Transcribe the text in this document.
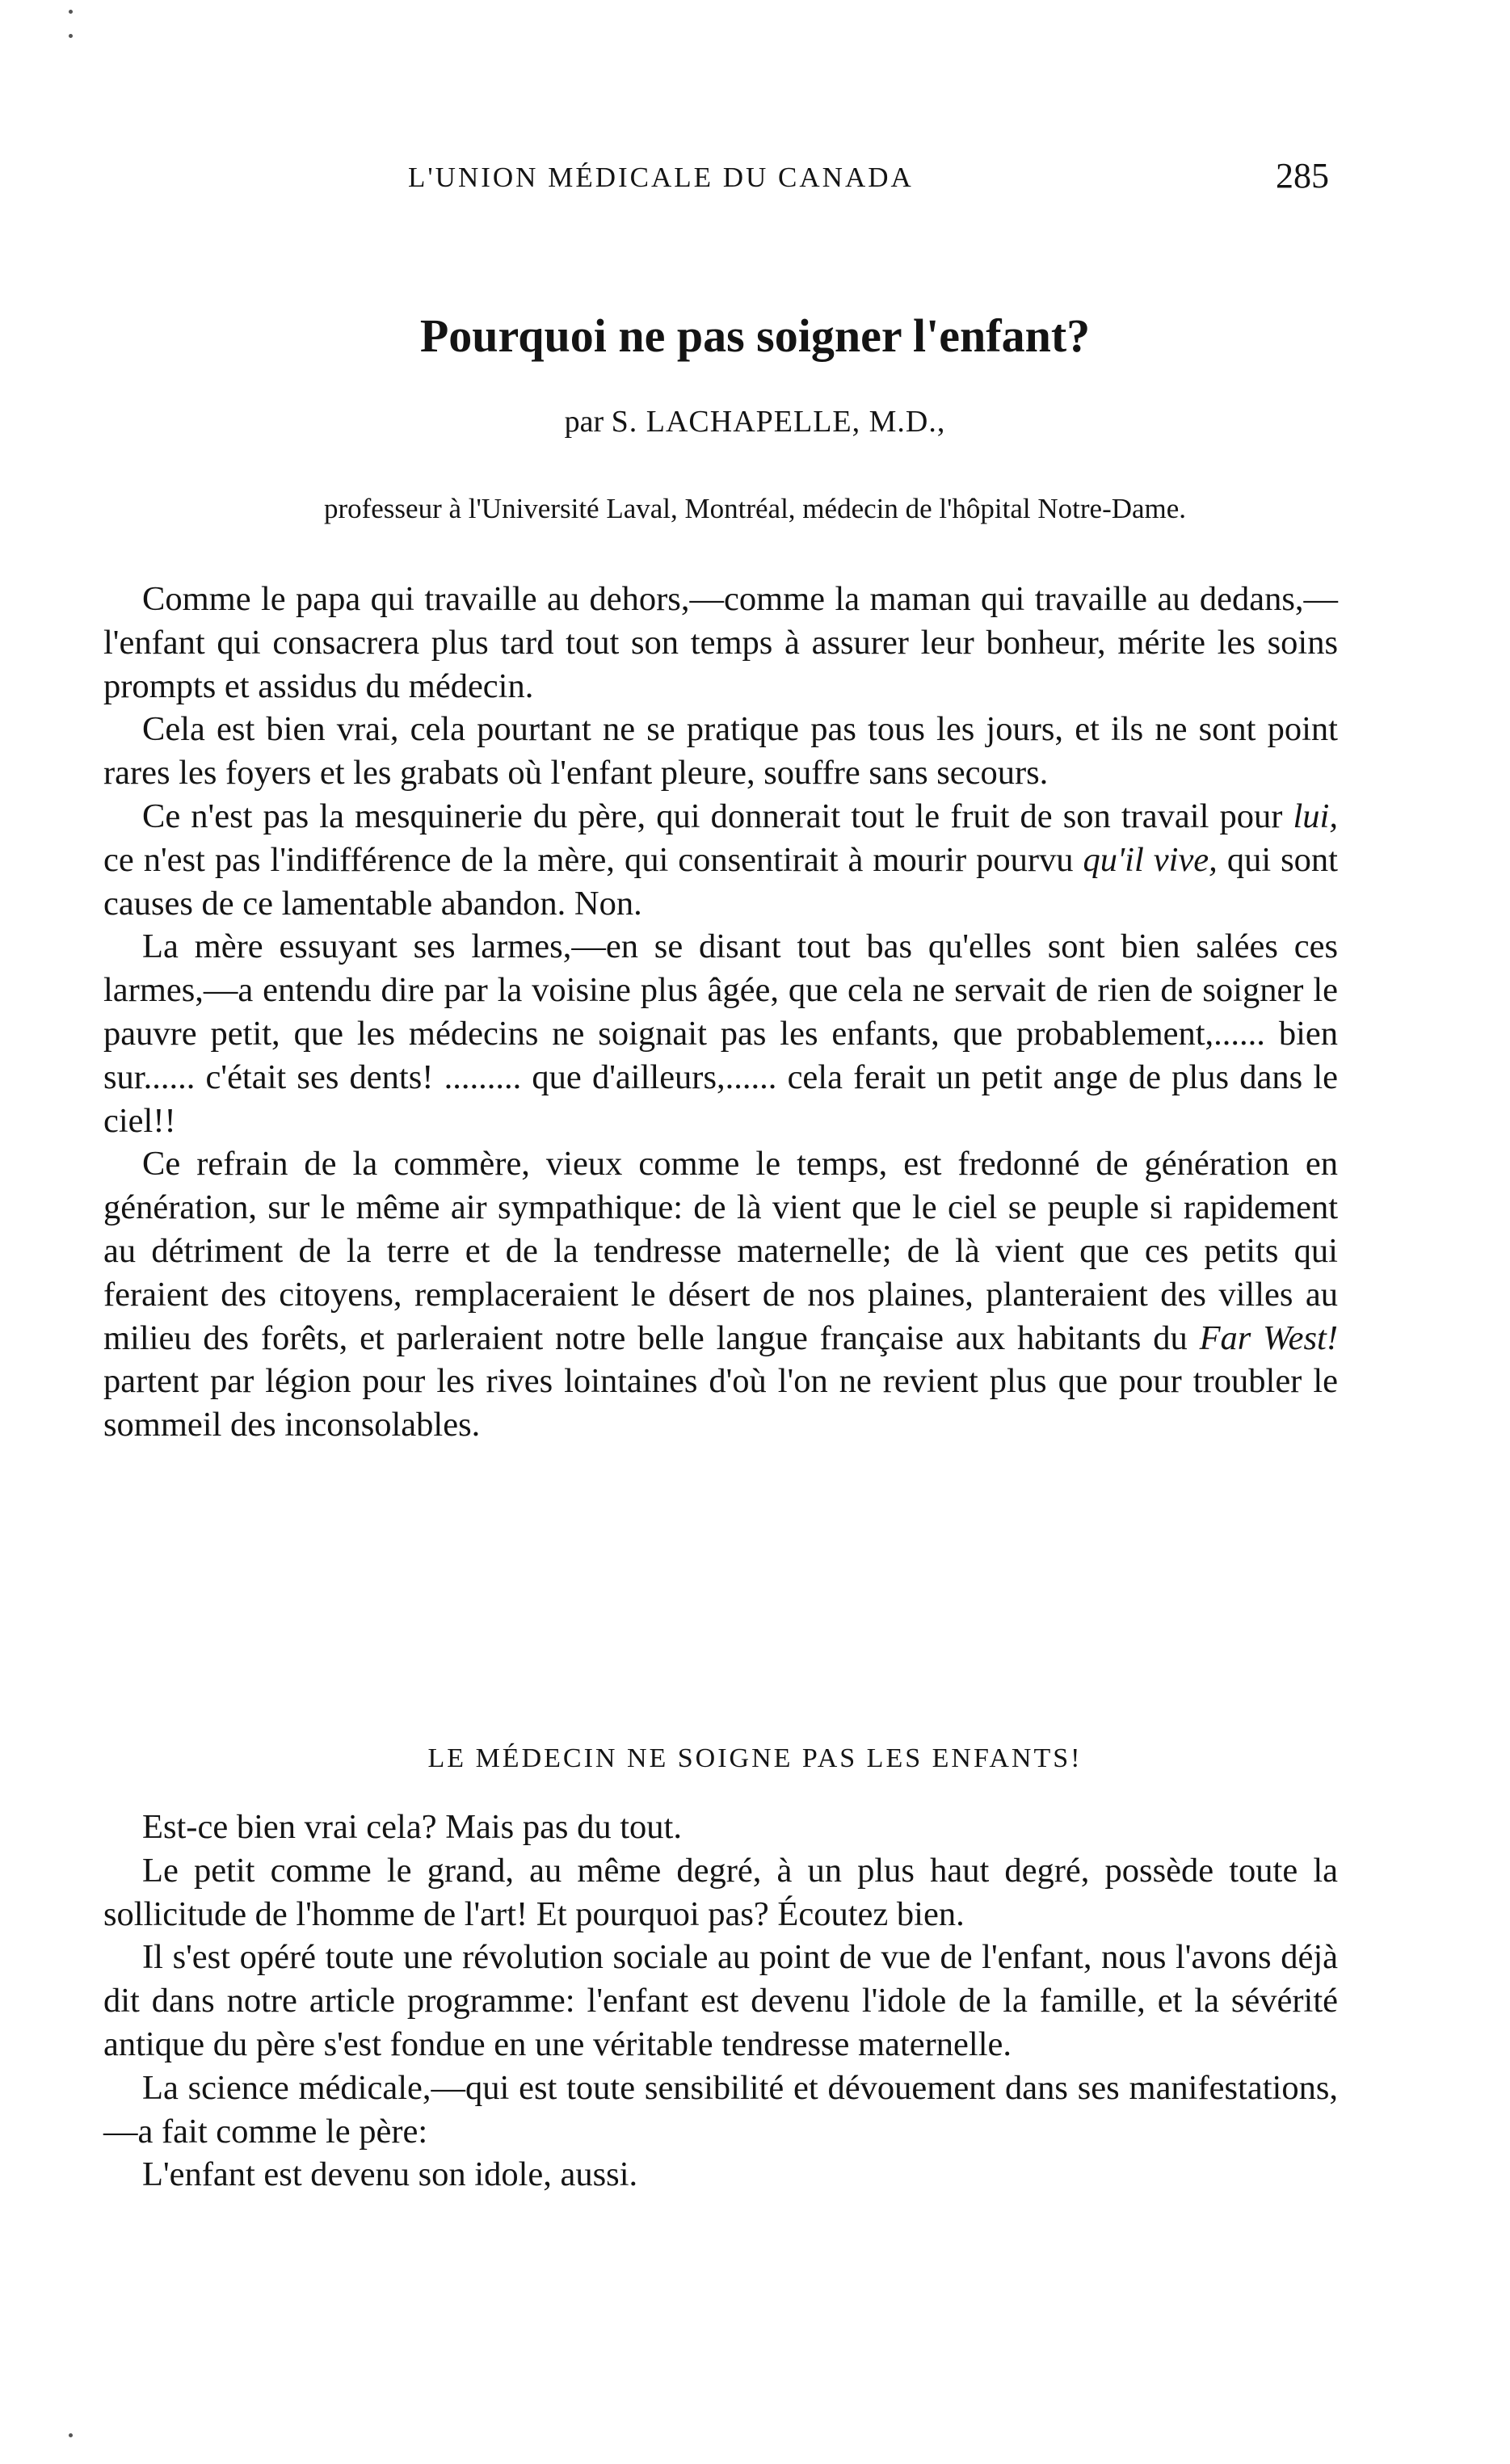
L'UNION MÉDICALE DU CANADA	285
Pourquoi ne pas soigner l'enfant?
par S. LACHAPELLE, M.D.,
professeur à l'Université Laval, Montréal, médecin de l'hôpital Notre-Dame.

Comme le papa qui travaille au dehors,—comme la maman qui travaille au dedans,—l'enfant qui consacrera plus tard tout son temps à assurer leur bonheur, mérite les soins prompts et assidus du médecin.

Cela est bien vrai, cela pourtant ne se pratique pas tous les jours, et ils ne sont point rares les foyers et les grabats où l'enfant pleure, souffre sans secours.

Ce n'est pas la mesquinerie du père, qui donnerait tout le fruit de son travail pour lui, ce n'est pas l'indifférence de la mère, qui consentirait à mourir pourvu qu'il vive, qui sont causes de ce lamentable abandon. Non.

La mère essuyant ses larmes,—en se disant tout bas qu'elles sont bien salées ces larmes,—a entendu dire par la voisine plus âgée, que cela ne servait de rien de soigner le pauvre petit, que les médecins ne soignait pas les enfants, que probablement,...... bien sur...... c'était ses dents! ......... que d'ailleurs,...... cela ferait un petit ange de plus dans le ciel!!

Ce refrain de la commère, vieux comme le temps, est fredonné de génération en génération, sur le même air sympathique: de là vient que le ciel se peuple si rapidement au détriment de la terre et de la tendresse maternelle; de là vient que ces petits qui feraient des citoyens, remplaceraient le désert de nos plaines, planteraient des villes au milieu des forêts, et parleraient notre belle langue française aux habitants du Far West! partent par légion pour les rives lointaines d'où l'on ne revient plus que pour troubler le sommeil des inconsolables.

LE MÉDECIN NE SOIGNE PAS LES ENFANTS!

Est-ce bien vrai cela? Mais pas du tout.

Le petit comme le grand, au même degré, à un plus haut degré, possède toute la sollicitude de l'homme de l'art! Et pourquoi pas? Écoutez bien.

Il s'est opéré toute une révolution sociale au point de vue de l'enfant, nous l'avons déjà dit dans notre article programme: l'enfant est devenu l'idole de la famille, et la sévérité antique du père s'est fondue en une véritable tendresse maternelle.

La science médicale,—qui est toute sensibilité et dévouement dans ses manifestations,—a fait comme le père:

L'enfant est devenu son idole, aussi.
